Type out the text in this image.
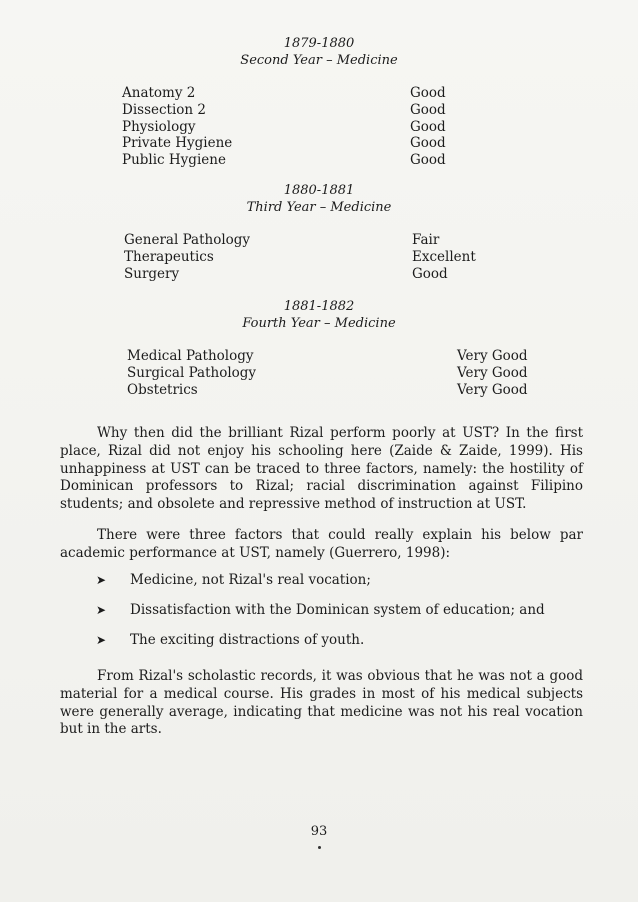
1879-1880
Second Year – Medicine
Anatomy 2	Good
Dissection 2	Good
Physiology	Good
Private Hygiene	Good
Public Hygiene	Good
1880-1881
Third Year – Medicine
General Pathology	Fair
Therapeutics	Excellent
Surgery	Good
1881-1882
Fourth Year – Medicine
Medical Pathology	Very Good
Surgical Pathology	Very Good
Obstetrics	Very Good

Why then did the brilliant Rizal perform poorly at UST? In the first place, Rizal did not enjoy his schooling here (Zaide & Zaide, 1999). His unhappiness at UST can be traced to three factors, namely: the hostility of Dominican professors to Rizal; racial discrimination against Filipino students; and obsolete and repressive method of instruction at UST.

There were three factors that could really explain his below par academic performance at UST, namely (Guerrero, 1998):

➤ Medicine, not Rizal's real vocation;
➤ Dissatisfaction with the Dominican system of education; and
➤ The exciting distractions of youth.

From Rizal's scholastic records, it was obvious that he was not a good material for a medical course. His grades in most of his medical subjects were generally average, indicating that medicine was not his real vocation but in the arts.

93
